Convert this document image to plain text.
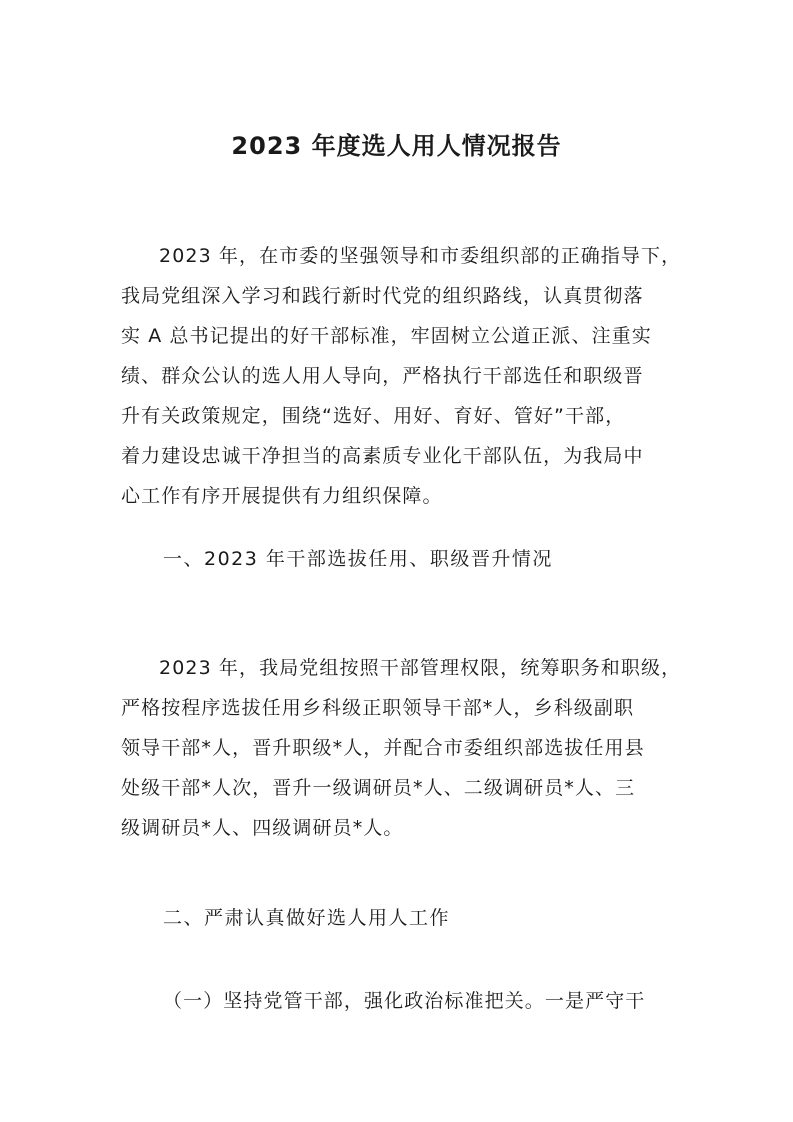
2023 年度选人用人情况报告
2023 年，在市委的坚强领导和市委组织部的正确指导下，
我局党组深入学习和践行新时代党的组织路线，认真贯彻落
实 A 总书记提出的好干部标准，牢固树立公道正派、注重实
绩、群众公认的选人用人导向，严格执行干部选任和职级晋
升有关政策规定，围绕“选好、用好、育好、管好”干部，
着力建设忠诚干净担当的高素质专业化干部队伍，为我局中
心工作有序开展提供有力组织保障。
一、2023 年干部选拔任用、职级晋升情况
2023 年，我局党组按照干部管理权限，统筹职务和职级，
严格按程序选拔任用乡科级正职领导干部*人，乡科级副职
领导干部*人，晋升职级*人，并配合市委组织部选拔任用县
处级干部*人次，晋升一级调研员*人、二级调研员*人、三
级调研员*人、四级调研员*人。
二、严肃认真做好选人用人工作
（一）坚持党管干部，强化政治标准把关。一是严守干
